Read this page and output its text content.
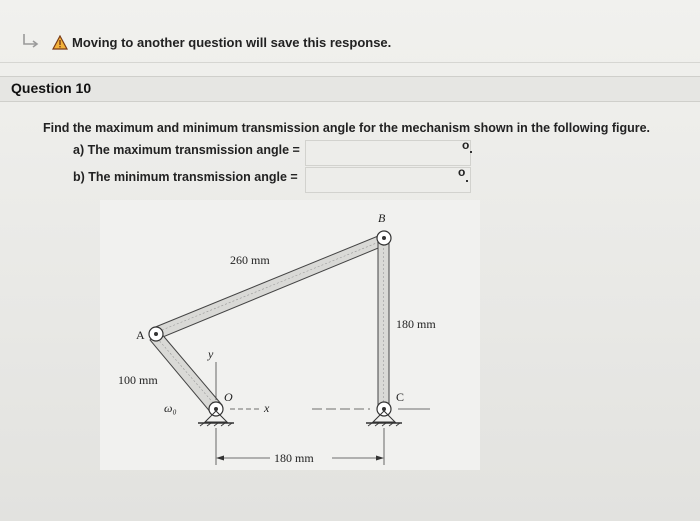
Moving to another question will save this response.
Question 10
Find the maximum and minimum transmission angle for the mechanism shown in the following figure.
a) The maximum transmission angle =	o
b) The minimum transmission angle =	o
A
B
C
O
x
y
ω₀
260 mm
180 mm
100 mm
180 mm
